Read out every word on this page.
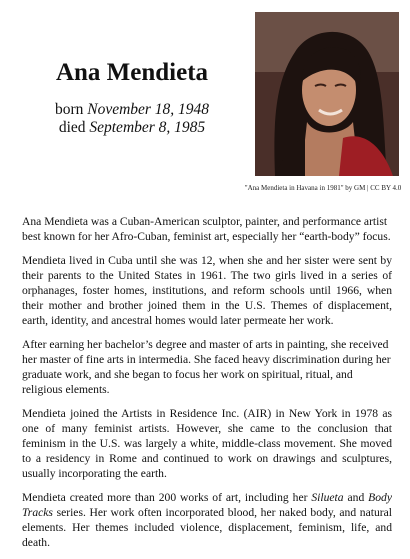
Ana Mendieta
born November 18, 1948
died September 8, 1985
"Ana Mendieta in Havana in 1981" by GM | CC BY 4.0

Ana Mendieta was a Cuban-American sculptor, painter, and performance artist best known for her Afro-Cuban, feminist art, especially her “earth-body” focus.

Mendieta lived in Cuba until she was 12, when she and her sister were sent by their parents to the United States in 1961. The two girls lived in a series of orphanages, foster homes, institutions, and reform schools until 1966, when their mother and brother joined them in the U.S. Themes of displacement, earth, identity, and ancestral homes would later permeate her work.

After earning her bachelor’s degree and master of arts in painting, she received her master of fine arts in intermedia. She faced heavy discrimination during her graduate work, and she began to focus her work on spiritual, ritual, and religious elements.

Mendieta joined the Artists in Residence Inc. (AIR) in New York in 1978 as one of many feminist artists. However, she came to the conclusion that feminism in the U.S. was largely a white, middle-class movement. She moved to a residency in Rome and continued to work on drawings and sculptures, usually incorporating the earth.

Mendieta created more than 200 works of art, including her Silueta and Body Tracks series. Her work often incorporated blood, her naked body, and natural elements. Her themes included violence, displacement, feminism, life, and death.
